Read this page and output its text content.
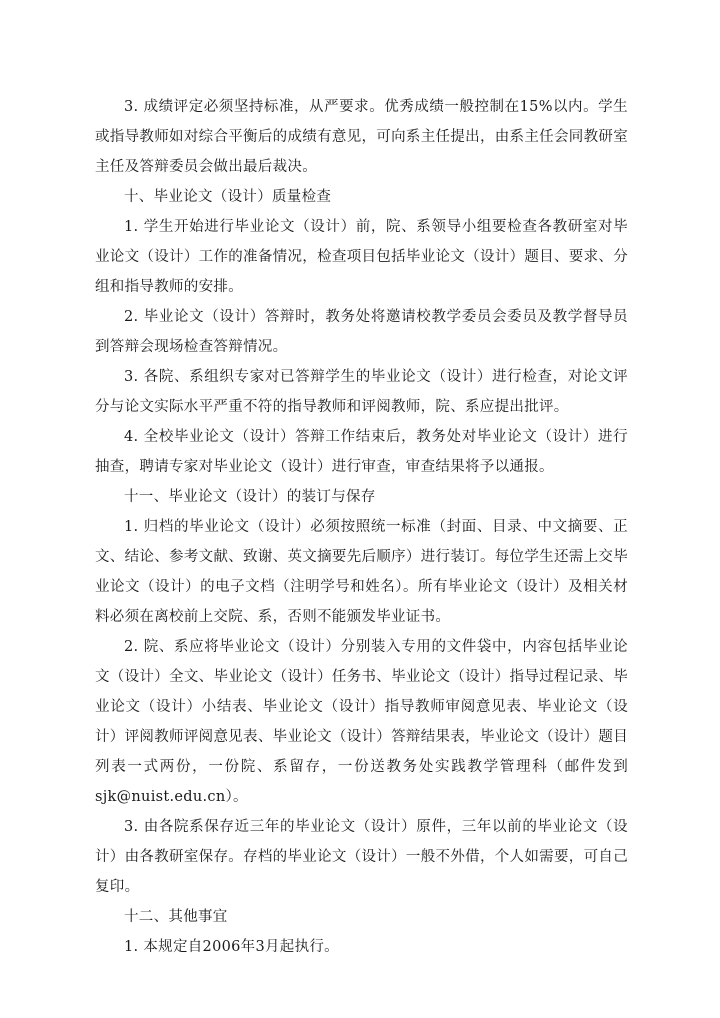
3. 成绩评定必须坚持标准，从严要求。优秀成绩一般控制在15%以内。学生或指导教师如对综合平衡后的成绩有意见，可向系主任提出，由系主任会同教研室主任及答辩委员会做出最后裁决。

十、毕业论文（设计）质量检查

1. 学生开始进行毕业论文（设计）前，院、系领导小组要检查各教研室对毕业论文（设计）工作的准备情况，检查项目包括毕业论文（设计）题目、要求、分组和指导教师的安排。

2. 毕业论文（设计）答辩时，教务处将邀请校教学委员会委员及教学督导员到答辩会现场检查答辩情况。

3. 各院、系组织专家对已答辩学生的毕业论文（设计）进行检查，对论文评分与论文实际水平严重不符的指导教师和评阅教师，院、系应提出批评。

4. 全校毕业论文（设计）答辩工作结束后，教务处对毕业论文（设计）进行抽查，聘请专家对毕业论文（设计）进行审查，审查结果将予以通报。

十一、毕业论文（设计）的装订与保存

1. 归档的毕业论文（设计）必须按照统一标准（封面、目录、中文摘要、正文、结论、参考文献、致谢、英文摘要先后顺序）进行装订。每位学生还需上交毕业论文（设计）的电子文档（注明学号和姓名）。所有毕业论文（设计）及相关材料必须在离校前上交院、系，否则不能颁发毕业证书。

2. 院、系应将毕业论文（设计）分别装入专用的文件袋中，内容包括毕业论文（设计）全文、毕业论文（设计）任务书、毕业论文（设计）指导过程记录、毕业论文（设计）小结表、毕业论文（设计）指导教师审阅意见表、毕业论文（设计）评阅教师评阅意见表、毕业论文（设计）答辩结果表，毕业论文（设计）题目列表一式两份，一份院、系留存，一份送教务处实践教学管理科（邮件发到sjk@nuist.edu.cn）。

3. 由各院系保存近三年的毕业论文（设计）原件，三年以前的毕业论文（设计）由各教研室保存。存档的毕业论文（设计）一般不外借，个人如需要，可自己复印。

十二、其他事宜

1. 本规定自2006年3月起执行。
